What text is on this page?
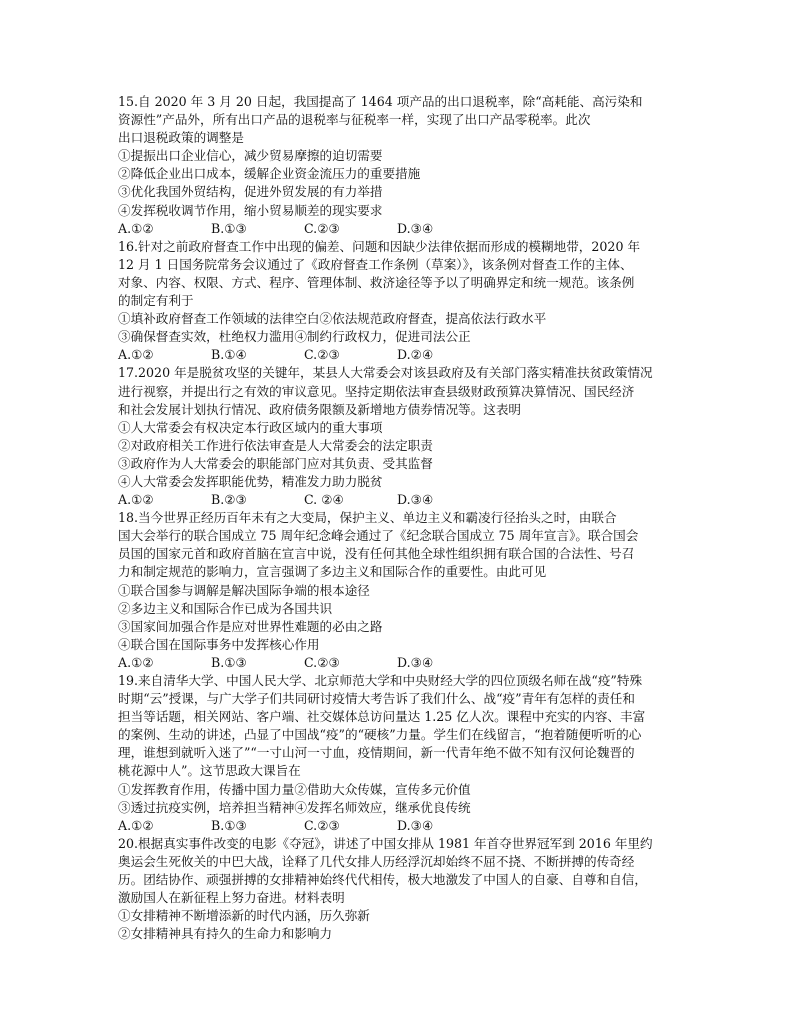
15.自 2020 年 3 月 20 日起，我国提高了 1464 项产品的出口退税率，除“高耗能、高污染和
资源性”产品外，所有出口产品的退税率与征税率一样，实现了出口产品零税率。此次
出口退税政策的调整是
①提振出口企业信心，减少贸易摩擦的迫切需要
②降低企业出口成本，缓解企业资金流压力的重要措施
③优化我国外贸结构，促进外贸发展的有力举措
④发挥税收调节作用，缩小贸易顺差的现实要求
A.①②	B.①③	C.②③	D.③④
16.针对之前政府督查工作中出现的偏差、问题和因缺少法律依据而形成的模糊地带，2020 年
12 月 1 日国务院常务会议通过了《政府督查工作条例（草案）》，该条例对督查工作的主体、
对象、内容、权限、方式、程序、管理体制、救济途径等予以了明确界定和统一规范。该条例
的制定有利于
①填补政府督查工作领域的法律空白②依法规范政府督查，提高依法行政水平
③确保督查实效，杜绝权力滥用④制约行政权力，促进司法公正
A.①②	B.①④	C.②③	D.②④
17.2020 年是脱贫攻坚的关键年，某县人大常委会对该县政府及有关部门落实精准扶贫政策情况
进行视察，并提出行之有效的审议意见。坚持定期依法审查县级财政预算决算情况、国民经济
和社会发展计划执行情况、政府债务限额及新增地方债券情况等。这表明
①人大常委会有权决定本行政区域内的重大事项
②对政府相关工作进行依法审查是人大常委会的法定职责
③政府作为人大常委会的职能部门应对其负责、受其监督
④人大常委会发挥职能优势，精准发力助力脱贫
A.①②	B.②③	C. ②④	D.③④
18.当今世界正经历百年未有之大变局，保护主义、单边主义和霸凌行径抬头之时，由联合
国大会举行的联合国成立 75 周年纪念峰会通过了《纪念联合国成立 75 周年宣言》。联合国会
员国的国家元首和政府首脑在宣言中说，没有任何其他全球性组织拥有联合国的合法性、号召
力和制定规范的影响力，宣言强调了多边主义和国际合作的重要性。由此可见
①联合国参与调解是解决国际争端的根本途径
②多边主义和国际合作已成为各国共识
③国家间加强合作是应对世界性难题的必由之路
④联合国在国际事务中发挥核心作用
A.①②	B.①③	C.②③	D.③④
19.来自清华大学、中国人民大学、北京师范大学和中央财经大学的四位顶级名师在战“疫”特殊
时期“云”授课，与广大学子们共同研讨疫情大考告诉了我们什么、战“疫”青年有怎样的责任和
担当等话题，相关网站、客户端、社交媒体总访问量达 1.25 亿人次。课程中充实的内容、丰富
的案例、生动的讲述，凸显了中国战“疫”的“硬核”力量。学生们在线留言，“抱着随便听听的心
理，谁想到就听入迷了”“一寸山河一寸血，疫情期间，新一代青年绝不做不知有汉何论魏晋的
桃花源中人”。这节思政大课旨在
①发挥教育作用，传播中国力量②借助大众传媒，宣传多元价值
③透过抗疫实例，培养担当精神④发挥名师效应，继承优良传统
A.①②	B.①③	C.②③	D.③④
20.根据真实事件改变的电影《夺冠》，讲述了中国女排从 1981 年首夺世界冠军到 2016 年里约
奥运会生死攸关的中巴大战，诠释了几代女排人历经浮沉却始终不屈不挠、不断拼搏的传奇经
历。团结协作、顽强拼搏的女排精神始终代代相传，极大地激发了中国人的自豪、自尊和自信，
激励国人在新征程上努力奋进。材料表明
①女排精神不断增添新的时代内涵，历久弥新
②女排精神具有持久的生命力和影响力
